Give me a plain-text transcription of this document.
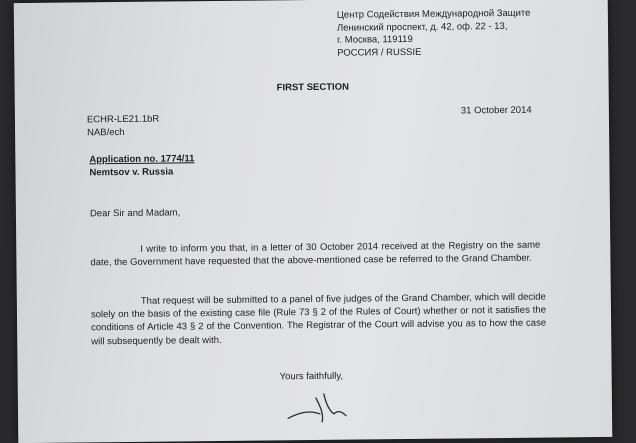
Центр Содействия Международной Защите
Ленинский проспект, д. 42, оф. 22 - 13,
г. Москва, 119119
РОССИЯ / RUSSIE
FIRST SECTION
ECHR-LE21.1bR
NAB/ech
31 October 2014
Application no. 1774/11
Nemtsov v. Russia
Dear Sir and Madam,
I write to inform you that, in a letter of 30 October 2014 received at the Registry on the same date, the Government have requested that the above-mentioned case be referred to the Grand Chamber.
That request will be submitted to a panel of five judges of the Grand Chamber, which will decide solely on the basis of the existing case file (Rule 73 § 2 of the Rules of Court) whether or not it satisfies the conditions of Article 43 § 2 of the Convention. The Registrar of the Court will advise you as to how the case will subsequently be dealt with.
Yours faithfully,
